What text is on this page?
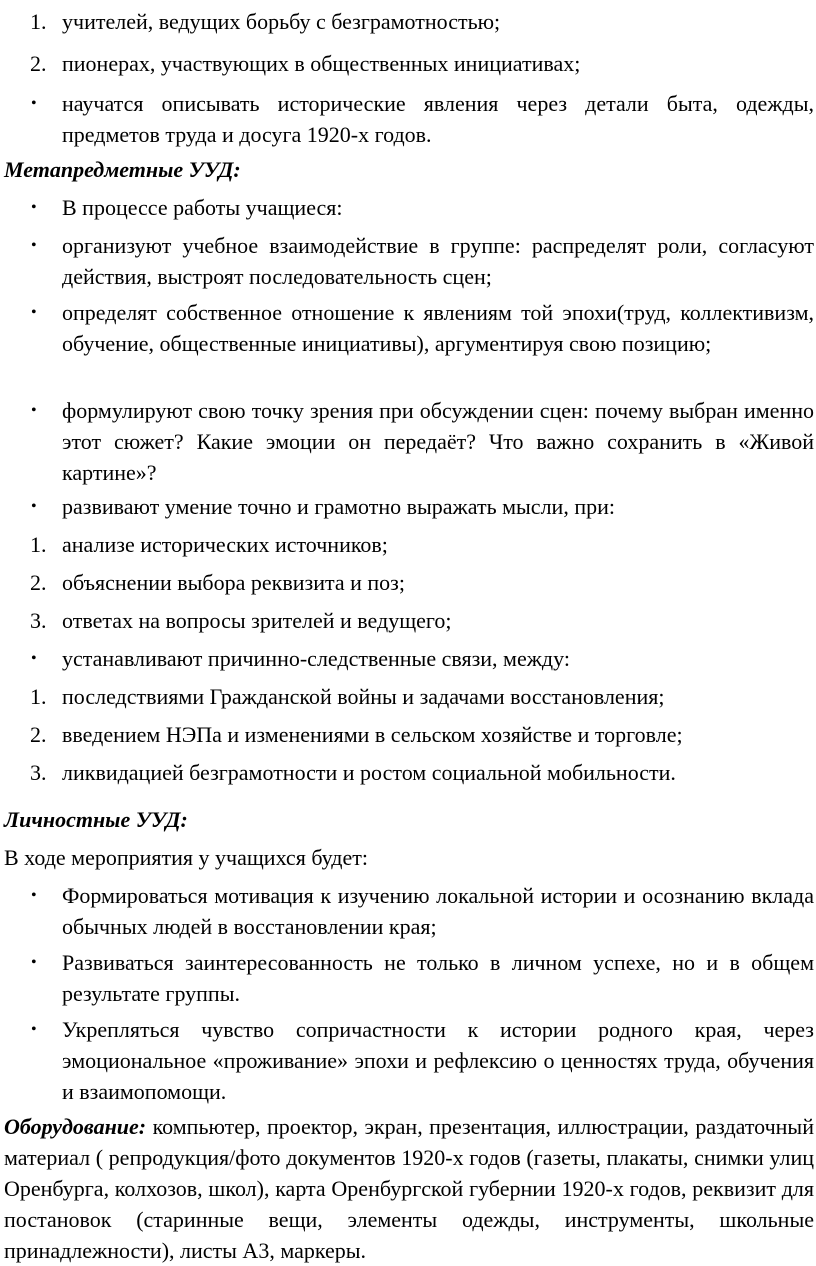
1. учителей, ведущих борьбу с безграмотностью;
2. пионерах, участвующих в общественных инициативах;
•	научатся описывать исторические явления через детали быта, одежды, предметов труда и досуга 1920-х годов.
Метапредметные УУД:
•	В процессе работы учащиеся:
•	организуют учебное взаимодействие в группе: распределят роли, согласуют действия, выстроят последовательность сцен;
•	определят собственное отношение к явлениям той эпохи(труд, коллективизм, обучение, общественные инициативы), аргументируя свою позицию;
•	формулируют свою точку зрения при обсуждении сцен: почему выбран именно этот сюжет? Какие эмоции он передаёт? Что важно сохранить в «Живой картине»?
•	развивают умение точно и грамотно выражать мысли, при:
1. анализе исторических источников;
2. объяснении выбора реквизита и поз;
3. ответах на вопросы зрителей и ведущего;
•	устанавливают причинно-следственные связи, между:
1. последствиями Гражданской войны и задачами восстановления;
2. введением НЭПа и изменениями в сельском хозяйстве и торговле;
3. ликвидацией безграмотности и ростом социальной мобильности.
Личностные УУД:
В ходе мероприятия у учащихся будет:
•	Формироваться мотивация к изучению локальной истории и осознанию вклада обычных людей в восстановлении края;
•	Развиваться заинтересованность не только в личном успехе, но и в общем результате группы.
•	Укрепляться чувство сопричастности к истории родного края, через эмоциональное «проживание» эпохи и рефлексию о ценностях труда, обучения и взаимопомощи.
Оборудование: компьютер, проектор, экран, презентация, иллюстрации, раздаточный материал ( репродукция/фото документов 1920-х годов (газеты, плакаты, снимки улиц Оренбурга, колхозов, школ), карта Оренбургской губернии 1920-х годов, реквизит для постановок (старинные вещи, элементы одежды, инструменты, школьные принадлежности), листы А3, маркеры.
